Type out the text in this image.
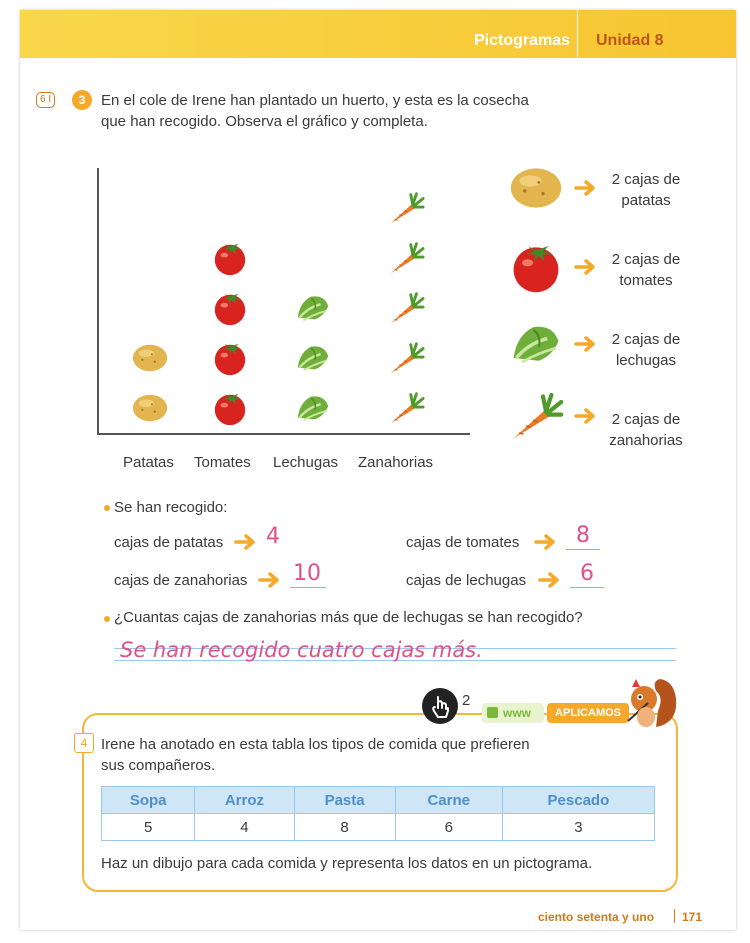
Pictogramas Unidad 8
6 I	3	En el cole de Irene han plantado un huerto, y esta es la cosecha
que han recogido. Observa el gráfico y completa.
Patatas Tomates Lechugas Zanahorias
2 cajas de
patatas
2 cajas de
tomates
2 cajas de
lechugas
2 cajas de
zanahorias
Se han recogido:
cajas de patatas 4	cajas de tomates	8
cajas de zanahorias 10	cajas de lechugas 6
¿Cuantas cajas de zanahorias más que de lechugas se han recogido?
Se han recogido cuatro cajas más.
2
www	APLICAMOS
4 Irene ha anotado en esta tabla los tipos de comida que prefieren
sus compañeros.
Sopa	Arroz	Pasta	Carne	Pescado
5	4	8	6	3
Haz un dibujo para cada comida y representa los datos en un pictograma.
ciento setenta y uno 171
